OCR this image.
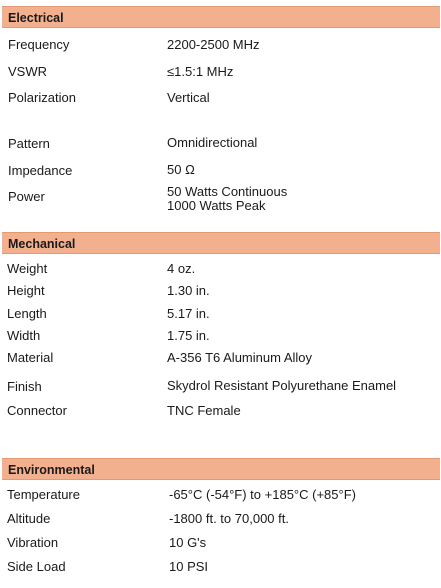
Electrical
Frequency	2200-2500 MHz
VSWR	≤1.5:1 MHz
Polarization	Vertical
Pattern	Omnidirectional
Impedance	50 Ω
Power	50 Watts Continuous
1000 Watts Peak
Mechanical
Weight	4 oz.
Height	1.30 in.
Length	5.17 in.
Width	1.75 in.
Material	A-356 T6 Aluminum Alloy
Finish	Skydrol Resistant Polyurethane Enamel
Connector	TNC Female
Environmental
Temperature	-65°C (-54°F) to +185°C (+85°F)
Altitude	-1800 ft. to 70,000 ft.
Vibration	10 G's
Side Load	10 PSI
